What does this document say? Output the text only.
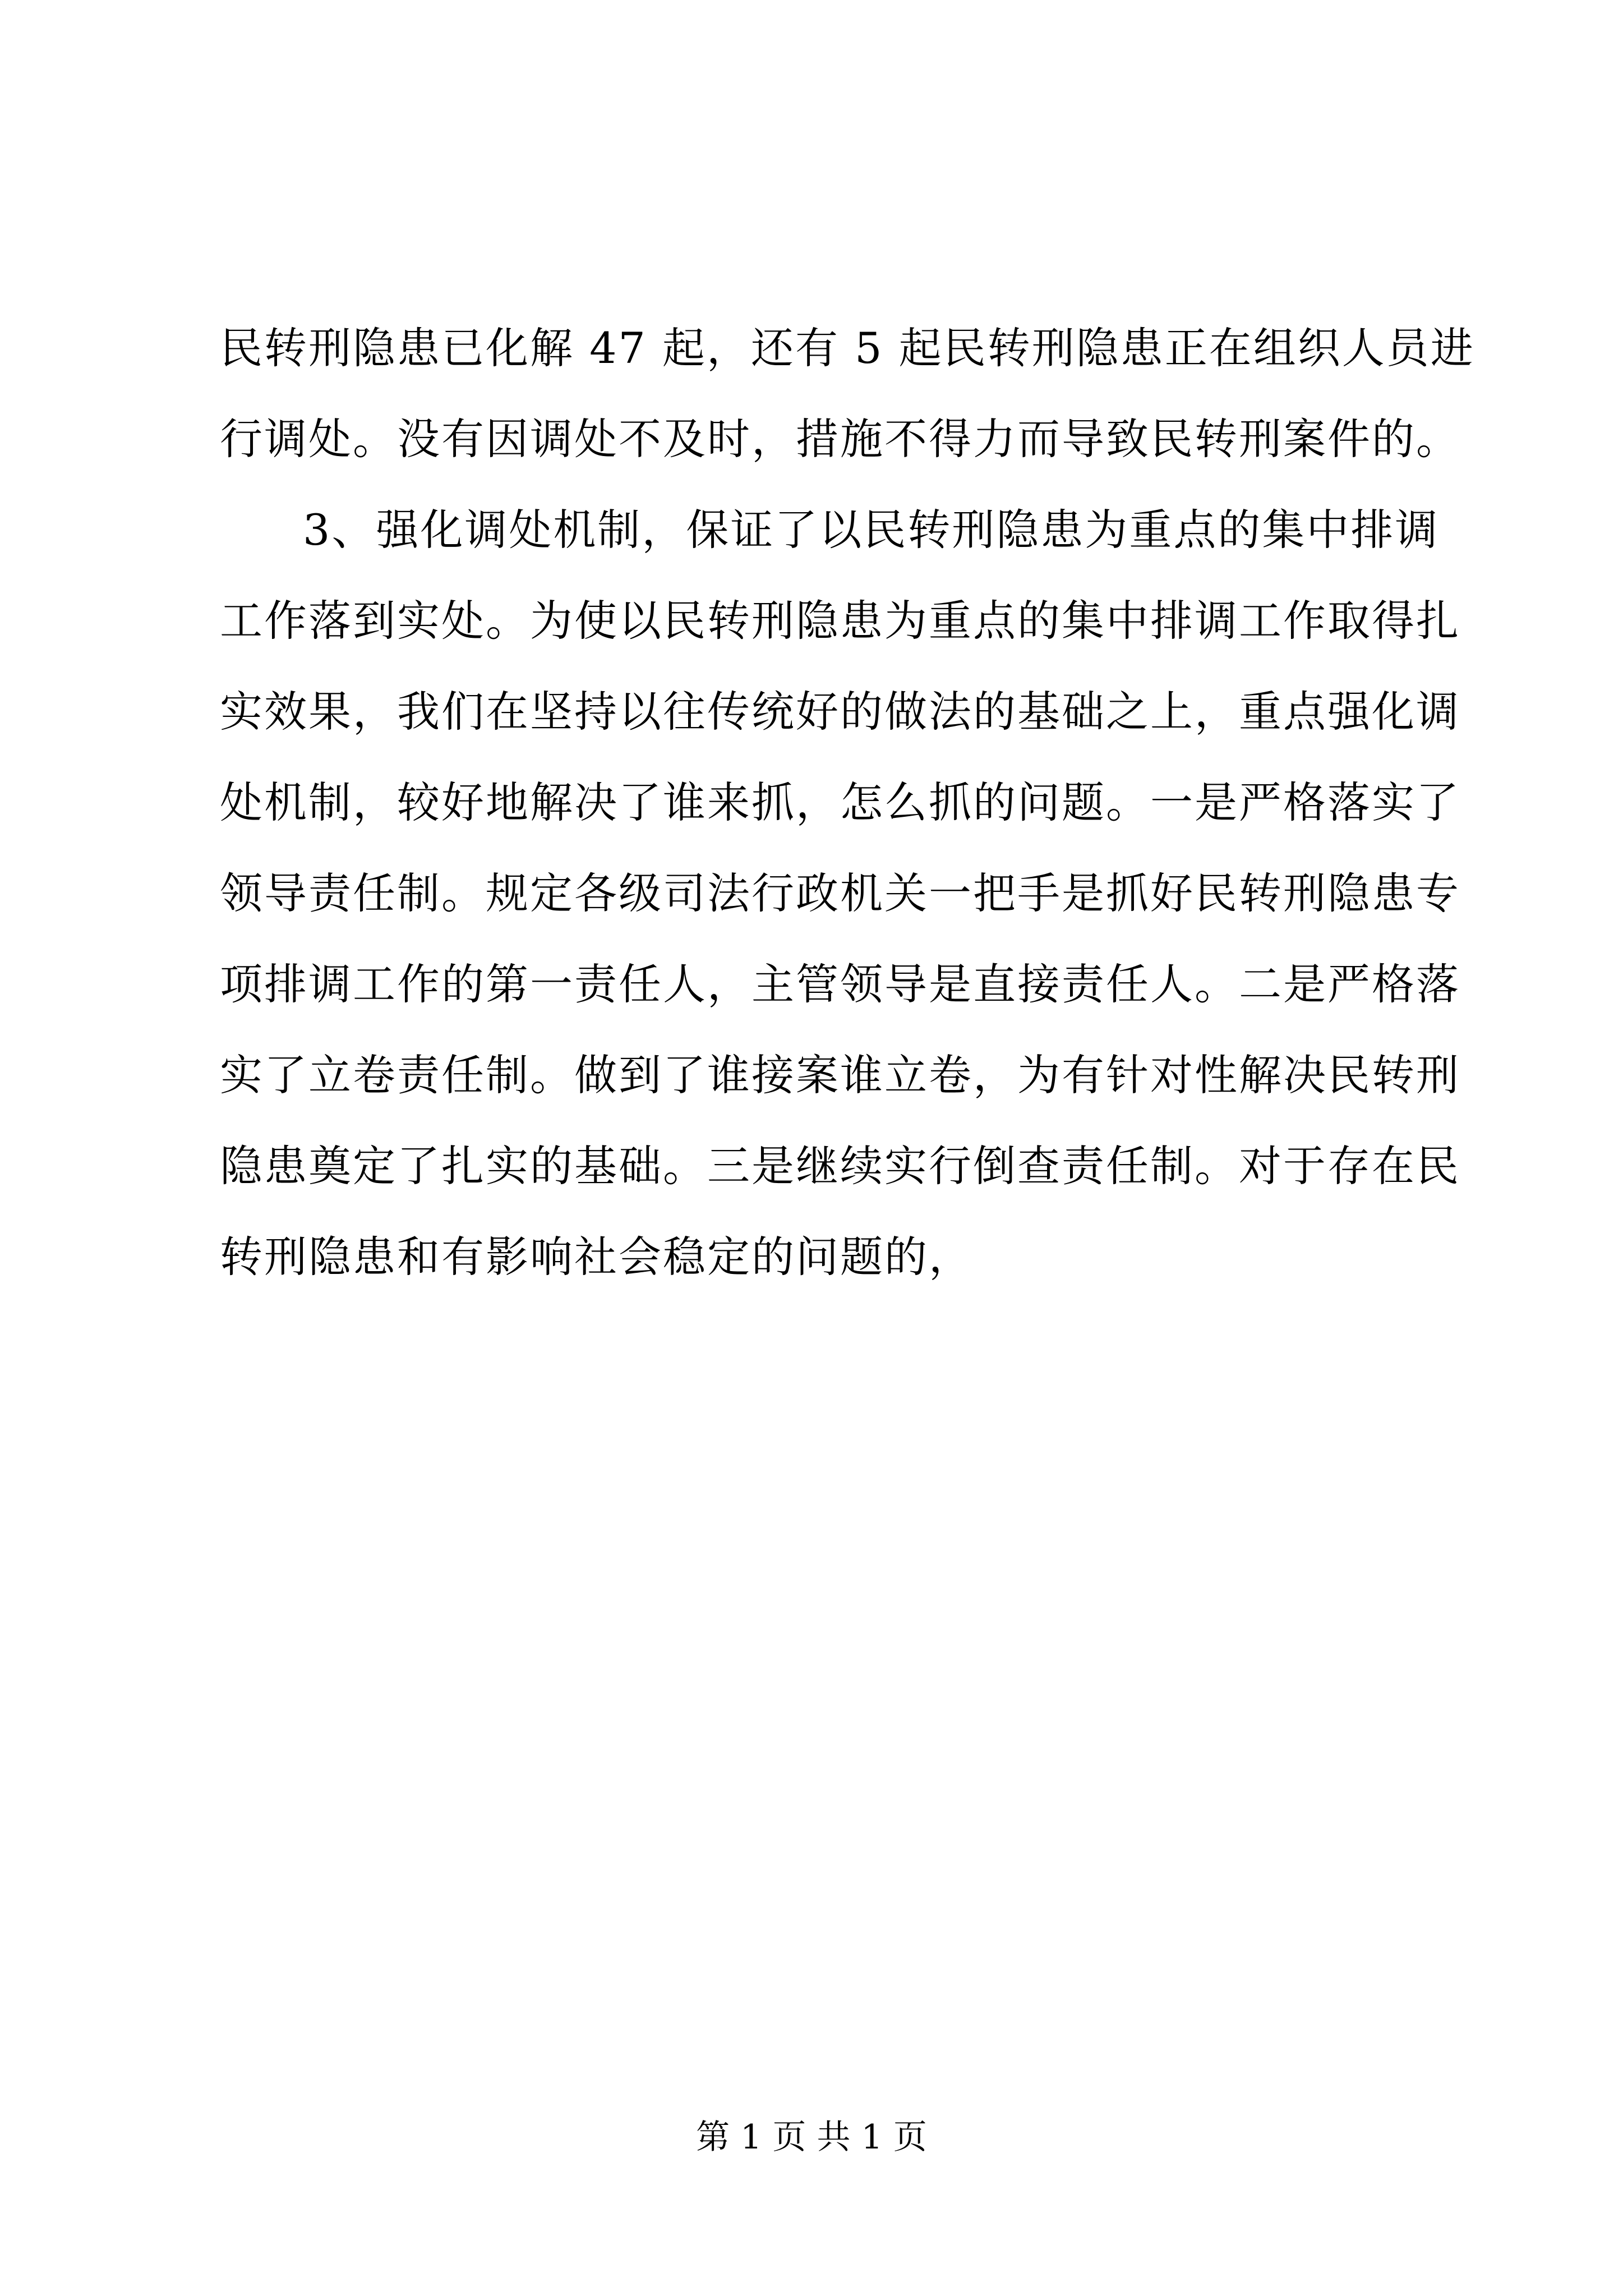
民转刑隐患已化解 47 起，还有 5 起民转刑隐患正在组织人员进
行调处。没有因调处不及时，措施不得力而导致民转刑案件的。
3、强化调处机制，保证了以民转刑隐患为重点的集中排调
工作落到实处。为使以民转刑隐患为重点的集中排调工作取得扎
实效果，我们在坚持以往传统好的做法的基础之上，重点强化调
处机制，较好地解决了谁来抓，怎么抓的问题。一是严格落实了
领导责任制。规定各级司法行政机关一把手是抓好民转刑隐患专
项排调工作的第一责任人，主管领导是直接责任人。二是严格落
实了立卷责任制。做到了谁接案谁立卷，为有针对性解决民转刑
隐患奠定了扎实的基础。三是继续实行倒查责任制。对于存在民
转刑隐患和有影响社会稳定的问题的，
第 1 页 共 1 页
